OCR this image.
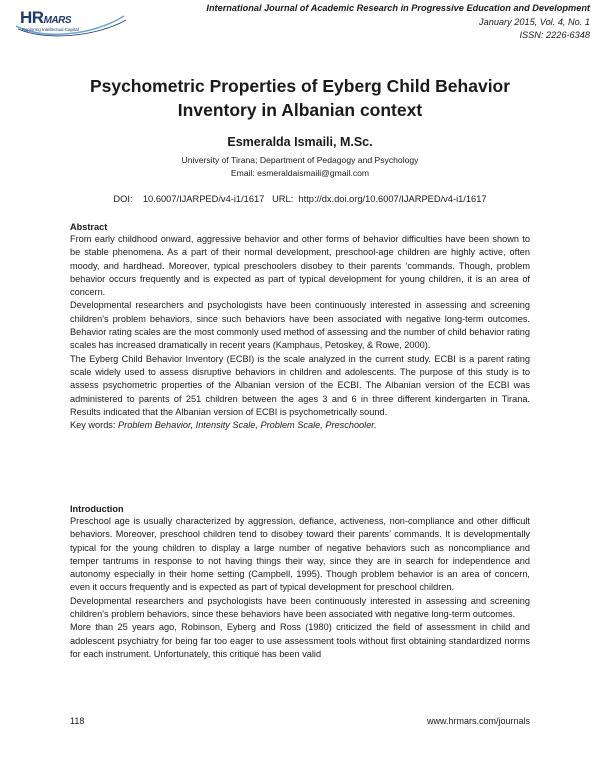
HRMARS
Exploring Intellectual Capital
International Journal of Academic Research in Progressive Education and Development
January 2015, Vol. 4, No. 1
ISSN: 2226-6348
Psychometric Properties of Eyberg Child Behavior
Inventory in Albanian context
Esmeralda Ismaili, M.Sc.
University of Tirana; Department of Pedagogy and Psychology
Email: esmeraldaismaili@gmail.com
DOI: 10.6007/IJARPED/v4-i1/1617 URL: http://dx.doi.org/10.6007/IJARPED/v4-i1/1617
Abstract

From early childhood onward, aggressive behavior and other forms of behavior difficulties have been shown to be stable phenomena. As a part of their normal development, preschool-age children are highly active, often moody, and hardhead. Moreover, typical preschoolers disobey to their parents ‘commands. Though, problem behavior occurs frequently and is expected as part of typical development for young children, it is an area of concern.

Developmental researchers and psychologists have been continuously interested in assessing and screening children’s problem behaviors, since such behaviors have been associated with negative long-term outcomes. Behavior rating scales are the most commonly used method of assessing and the number of child behavior rating scales has increased dramatically in recent years (Kamphaus, Petoskey, & Rowe, 2000).

The Eyberg Child Behavior Inventory (ECBI) is the scale analyzed in the current study. ECBI is a parent rating scale widely used to assess disruptive behaviors in children and adolescents. The purpose of this study is to assess psychometric properties of the Albanian version of the ECBI. The Albanian version of the ECBI was administered to parents of 251 children between the ages 3 and 6 in three different kindergarten in Tirana. Results indicated that the Albanian version of ECBI is psychometrically sound.

Key words: Problem Behavior, Intensity Scale, Problem Scale, Preschooler.

Introduction

Preschool age is usually characterized by aggression, defiance, activeness, non-compliance and other difficult behaviors. Moreover, preschool children tend to disobey toward their parents’ commands. It is developmentally typical for the young children to display a large number of negative behaviors such as noncompliance and temper tantrums in response to not having things their way, since they are in search for independence and autonomy especially in their home setting (Campbell, 1995). Though problem behavior is an area of concern, even it occurs frequently and is expected as part of typical development for preschool children.

Developmental researchers and psychologists have been continuously interested in assessing and screening children’s problem behaviors, since these behaviors have been associated with negative long-term outcomes.

More than 25 years ago, Robinson, Eyberg and Ross (1980) criticized the field of assessment in child and adolescent psychiatry for being far too eager to use assessment tools without first obtaining standardized norms for each instrument. Unfortunately, this critique has been valid

118	www.hrmars.com/journals
